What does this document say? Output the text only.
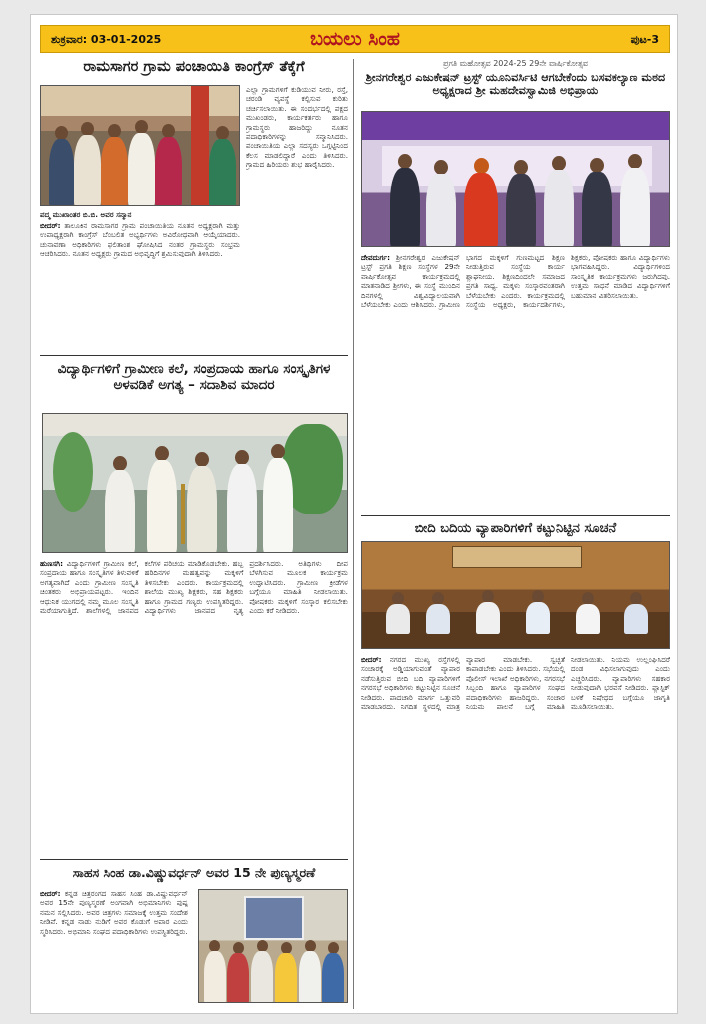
ಶುಕ್ರವಾರ: 03-01-2025	ಬಯಲು ಸಿಂಹ	ಪುಟ-3
ರಾಮಸಾಗರ ಗ್ರಾಮ ಪಂಚಾಯಿತಿ ಕಾಂಗ್ರೆಸ್ ತೆಕ್ಕೆಗೆ
ಎಲ್ಲಾ ಗ್ರಾಮಗಳಿಗೆ ಕುಡಿಯುವ ನೀರು, ರಸ್ತೆ, ಚರಂಡಿ ವ್ಯವಸ್ಥೆ ಕಲ್ಪಿಸುವ ಕುರಿತು ಚರ್ಚಿಸಲಾಯಿತು. ಈ ಸಂದರ್ಭದಲ್ಲಿ ಪಕ್ಷದ ಮುಖಂಡರು, ಕಾರ್ಯಕರ್ತರು ಹಾಗೂ ಗ್ರಾಮಸ್ಥರು ಹಾಜರಿದ್ದು ನೂತನ ಪದಾಧಿಕಾರಿಗಳನ್ನು ಸನ್ಮಾನಿಸಿದರು. ಪಂಚಾಯಿತಿಯ ಎಲ್ಲಾ ಸದಸ್ಯರು ಒಗ್ಗಟ್ಟಿನಿಂದ ಕೆಲಸ ಮಾಡಲಿದ್ದಾರೆ ಎಂದು ತಿಳಿಸಿದರು. ಗ್ರಾಮದ ಹಿರಿಯರು ಶುಭ ಹಾರೈಸಿದರು.
ಪದ್ಮ ಮುಖಾಂತರ ಬಿ.ಬಿ. ಅವರ ಸನ್ಮಾನ
ಬೀದರ್: ತಾಲೂಕಿನ ರಾಮಸಾಗರ ಗ್ರಾಮ ಪಂಚಾಯಿತಿಯ ನೂತನ ಅಧ್ಯಕ್ಷರಾಗಿ ಮತ್ತು ಉಪಾಧ್ಯಕ್ಷರಾಗಿ ಕಾಂಗ್ರೆಸ್ ಬೆಂಬಲಿತ ಅಭ್ಯರ್ಥಿಗಳು ಅವಿರೋಧವಾಗಿ ಆಯ್ಕೆಯಾದರು. ಚುನಾವಣಾ ಅಧಿಕಾರಿಗಳು ಫಲಿತಾಂಶ ಘೋಷಿಸಿದ ನಂತರ ಗ್ರಾಮಸ್ಥರು ಸಂಭ್ರಮ ಆಚರಿಸಿದರು. ನೂತನ ಅಧ್ಯಕ್ಷರು ಗ್ರಾಮದ ಅಭಿವೃದ್ಧಿಗೆ ಶ್ರಮಿಸುವುದಾಗಿ ತಿಳಿಸಿದರು.
ವಿದ್ಯಾರ್ಥಿಗಳಿಗೆ ಗ್ರಾಮೀಣ ಕಲೆ, ಸಂಪ್ರದಾಯ ಹಾಗೂ ಸಂಸ್ಕೃತಿಗಳ ಅಳವಡಿಕೆ ಅಗತ್ಯ – ಸದಾಶಿವ ಮಾದರ
ಹುಣಸಗಿ: ವಿದ್ಯಾರ್ಥಿಗಳಿಗೆ ಗ್ರಾಮೀಣ ಕಲೆ, ಸಂಪ್ರದಾಯ ಹಾಗೂ ಸಂಸ್ಕೃತಿಗಳ ತಿಳುವಳಿಕೆ ಅಗತ್ಯವಾಗಿದೆ ಎಂದು ಗ್ರಾಮೀಣ ಸಂಸ್ಕೃತಿ ಚಿಂತಕರು ಅಭಿಪ್ರಾಯಪಟ್ಟರು. ಇಂದಿನ ಆಧುನಿಕ ಯುಗದಲ್ಲಿ ನಮ್ಮ ಮೂಲ ಸಂಸ್ಕೃತಿ ಮರೆಯಾಗುತ್ತಿದೆ. ಶಾಲೆಗಳಲ್ಲಿ ಜಾನಪದ ಕಲೆಗಳ ಪರಿಚಯ ಮಾಡಿಕೊಡಬೇಕು. ಹಬ್ಬ ಹರಿದಿನಗಳ ಮಹತ್ವವನ್ನು ಮಕ್ಕಳಿಗೆ ತಿಳಿಸಬೇಕು ಎಂದರು. ಕಾರ್ಯಕ್ರಮದಲ್ಲಿ ಶಾಲೆಯ ಮುಖ್ಯ ಶಿಕ್ಷಕರು, ಸಹ ಶಿಕ್ಷಕರು ಹಾಗೂ ಗ್ರಾಮದ ಗಣ್ಯರು ಉಪಸ್ಥಿತರಿದ್ದರು. ವಿದ್ಯಾರ್ಥಿಗಳು ಜಾನಪದ ನೃತ್ಯ ಪ್ರದರ್ಶಿಸಿದರು. ಅತಿಥಿಗಳು ದೀಪ ಬೆಳಗಿಸುವ ಮೂಲಕ ಕಾರ್ಯಕ್ರಮ ಉದ್ಘಾಟಿಸಿದರು. ಗ್ರಾಮೀಣ ಕ್ರೀಡೆಗಳ ಬಗ್ಗೆಯೂ ಮಾಹಿತಿ ನೀಡಲಾಯಿತು. ಪೋಷಕರು ಮಕ್ಕಳಿಗೆ ಸಂಸ್ಕಾರ ಕಲಿಸಬೇಕು ಎಂದು ಕರೆ ನೀಡಿದರು.
ಸಾಹಸ ಸಿಂಹ ಡಾ.ವಿಷ್ಣುವರ್ಧನ್ ಅವರ 15 ನೇ ಪುಣ್ಯಸ್ಮರಣೆ
ಬೀದರ್: ಕನ್ನಡ ಚಿತ್ರರಂಗದ ಸಾಹಸ ಸಿಂಹ ಡಾ.ವಿಷ್ಣುವರ್ಧನ್ ಅವರ 15ನೇ ಪುಣ್ಯಸ್ಮರಣೆ ಅಂಗವಾಗಿ ಅಭಿಮಾನಿಗಳು ಪುಷ್ಪ ನಮನ ಸಲ್ಲಿಸಿದರು. ಅವರ ಚಿತ್ರಗಳು ಸಮಾಜಕ್ಕೆ ಉತ್ತಮ ಸಂದೇಶ ನೀಡಿವೆ. ಕನ್ನಡ ನಾಡು ನುಡಿಗೆ ಅವರ ಕೊಡುಗೆ ಅಪಾರ ಎಂದು ಸ್ಮರಿಸಿದರು. ಅಭಿಮಾನಿ ಸಂಘದ ಪದಾಧಿಕಾರಿಗಳು ಉಪಸ್ಥಿತರಿದ್ದರು.
ಪ್ರಗತಿ ಮಹೋತ್ಸವ 2024-25 29ನೇ ವಾರ್ಷಿಕೋತ್ಸವ
ಶ್ರೀನಗರೇಶ್ವರ ಎಜುಕೇಷನ್ ಟ್ರಸ್ಟ್ ಯೂನಿವರ್ಸಿಟಿ ಆಗಬೇಕೆಂದು ಬಸವಕಲ್ಯಾಣ ಮಠದ ಅಧ್ಯಕ್ಷರಾದ ಶ್ರೀ ಮಹದೇವಸ್ವಾಮಿಜಿ ಅಭಿಪ್ರಾಯ
ದೇವದುರ್ಗ: ಶ್ರೀನಗರೇಶ್ವರ ಎಜುಕೇಷನ್ ಟ್ರಸ್ಟ್ ಪ್ರಗತಿ ಶಿಕ್ಷಣ ಸಂಸ್ಥೆಗಳ 29ನೇ ವಾರ್ಷಿಕೋತ್ಸವ ಕಾರ್ಯಕ್ರಮದಲ್ಲಿ ಮಾತನಾಡಿದ ಶ್ರೀಗಳು, ಈ ಸಂಸ್ಥೆ ಮುಂದಿನ ದಿನಗಳಲ್ಲಿ ವಿಶ್ವವಿದ್ಯಾಲಯವಾಗಿ ಬೆಳೆಯಬೇಕು ಎಂದು ಆಶಿಸಿದರು. ಗ್ರಾಮೀಣ ಭಾಗದ ಮಕ್ಕಳಿಗೆ ಗುಣಮಟ್ಟದ ಶಿಕ್ಷಣ ನೀಡುತ್ತಿರುವ ಸಂಸ್ಥೆಯ ಕಾರ್ಯ ಶ್ಲಾಘನೀಯ. ಶಿಕ್ಷಣದಿಂದಲೇ ಸಮಾಜದ ಪ್ರಗತಿ ಸಾಧ್ಯ. ಮಕ್ಕಳು ಸಂಸ್ಕಾರವಂತರಾಗಿ ಬೆಳೆಯಬೇಕು ಎಂದರು. ಕಾರ್ಯಕ್ರಮದಲ್ಲಿ ಸಂಸ್ಥೆಯ ಅಧ್ಯಕ್ಷರು, ಕಾರ್ಯದರ್ಶಿಗಳು, ಶಿಕ್ಷಕರು, ಪೋಷಕರು ಹಾಗೂ ವಿದ್ಯಾರ್ಥಿಗಳು ಭಾಗವಹಿಸಿದ್ದರು. ವಿದ್ಯಾರ್ಥಿಗಳಿಂದ ಸಾಂಸ್ಕೃತಿಕ ಕಾರ್ಯಕ್ರಮಗಳು ಜರುಗಿದವು. ಉತ್ತಮ ಸಾಧನೆ ಮಾಡಿದ ವಿದ್ಯಾರ್ಥಿಗಳಿಗೆ ಬಹುಮಾನ ವಿತರಿಸಲಾಯಿತು.
ಬೀದಿ ಬದಿಯ ವ್ಯಾಪಾರಿಗಳಿಗೆ ಕಟ್ಟುನಿಟ್ಟಿನ ಸೂಚನೆ
ಬೀದರ್: ನಗರದ ಮುಖ್ಯ ರಸ್ತೆಗಳಲ್ಲಿ ಸಂಚಾರಕ್ಕೆ ಅಡ್ಡಿಯಾಗುವಂತೆ ವ್ಯಾಪಾರ ನಡೆಸುತ್ತಿರುವ ಬೀದಿ ಬದಿ ವ್ಯಾಪಾರಿಗಳಿಗೆ ನಗರಸಭೆ ಅಧಿಕಾರಿಗಳು ಕಟ್ಟುನಿಟ್ಟಿನ ಸೂಚನೆ ನೀಡಿದರು. ಪಾದಚಾರಿ ಮಾರ್ಗ ಒತ್ತುವರಿ ಮಾಡಬಾರದು. ನಿಗದಿತ ಸ್ಥಳದಲ್ಲಿ ಮಾತ್ರ ವ್ಯಾಪಾರ ಮಾಡಬೇಕು. ಸ್ವಚ್ಛತೆ ಕಾಪಾಡಬೇಕು ಎಂದು ತಿಳಿಸಿದರು. ಸಭೆಯಲ್ಲಿ ಪೊಲೀಸ್ ಇಲಾಖೆ ಅಧಿಕಾರಿಗಳು, ನಗರಸಭೆ ಸಿಬ್ಬಂದಿ ಹಾಗೂ ವ್ಯಾಪಾರಿಗಳ ಸಂಘದ ಪದಾಧಿಕಾರಿಗಳು ಹಾಜರಿದ್ದರು. ಸಂಚಾರ ನಿಯಮ ಪಾಲನೆ ಬಗ್ಗೆ ಮಾಹಿತಿ ನೀಡಲಾಯಿತು. ನಿಯಮ ಉಲ್ಲಂಘಿಸಿದರೆ ದಂಡ ವಿಧಿಸಲಾಗುವುದು ಎಂದು ಎಚ್ಚರಿಸಿದರು. ವ್ಯಾಪಾರಿಗಳು ಸಹಕಾರ ನೀಡುವುದಾಗಿ ಭರವಸೆ ನೀಡಿದರು. ಪ್ಲಾಸ್ಟಿಕ್ ಬಳಕೆ ನಿಷೇಧದ ಬಗ್ಗೆಯೂ ಜಾಗೃತಿ ಮೂಡಿಸಲಾಯಿತು.
